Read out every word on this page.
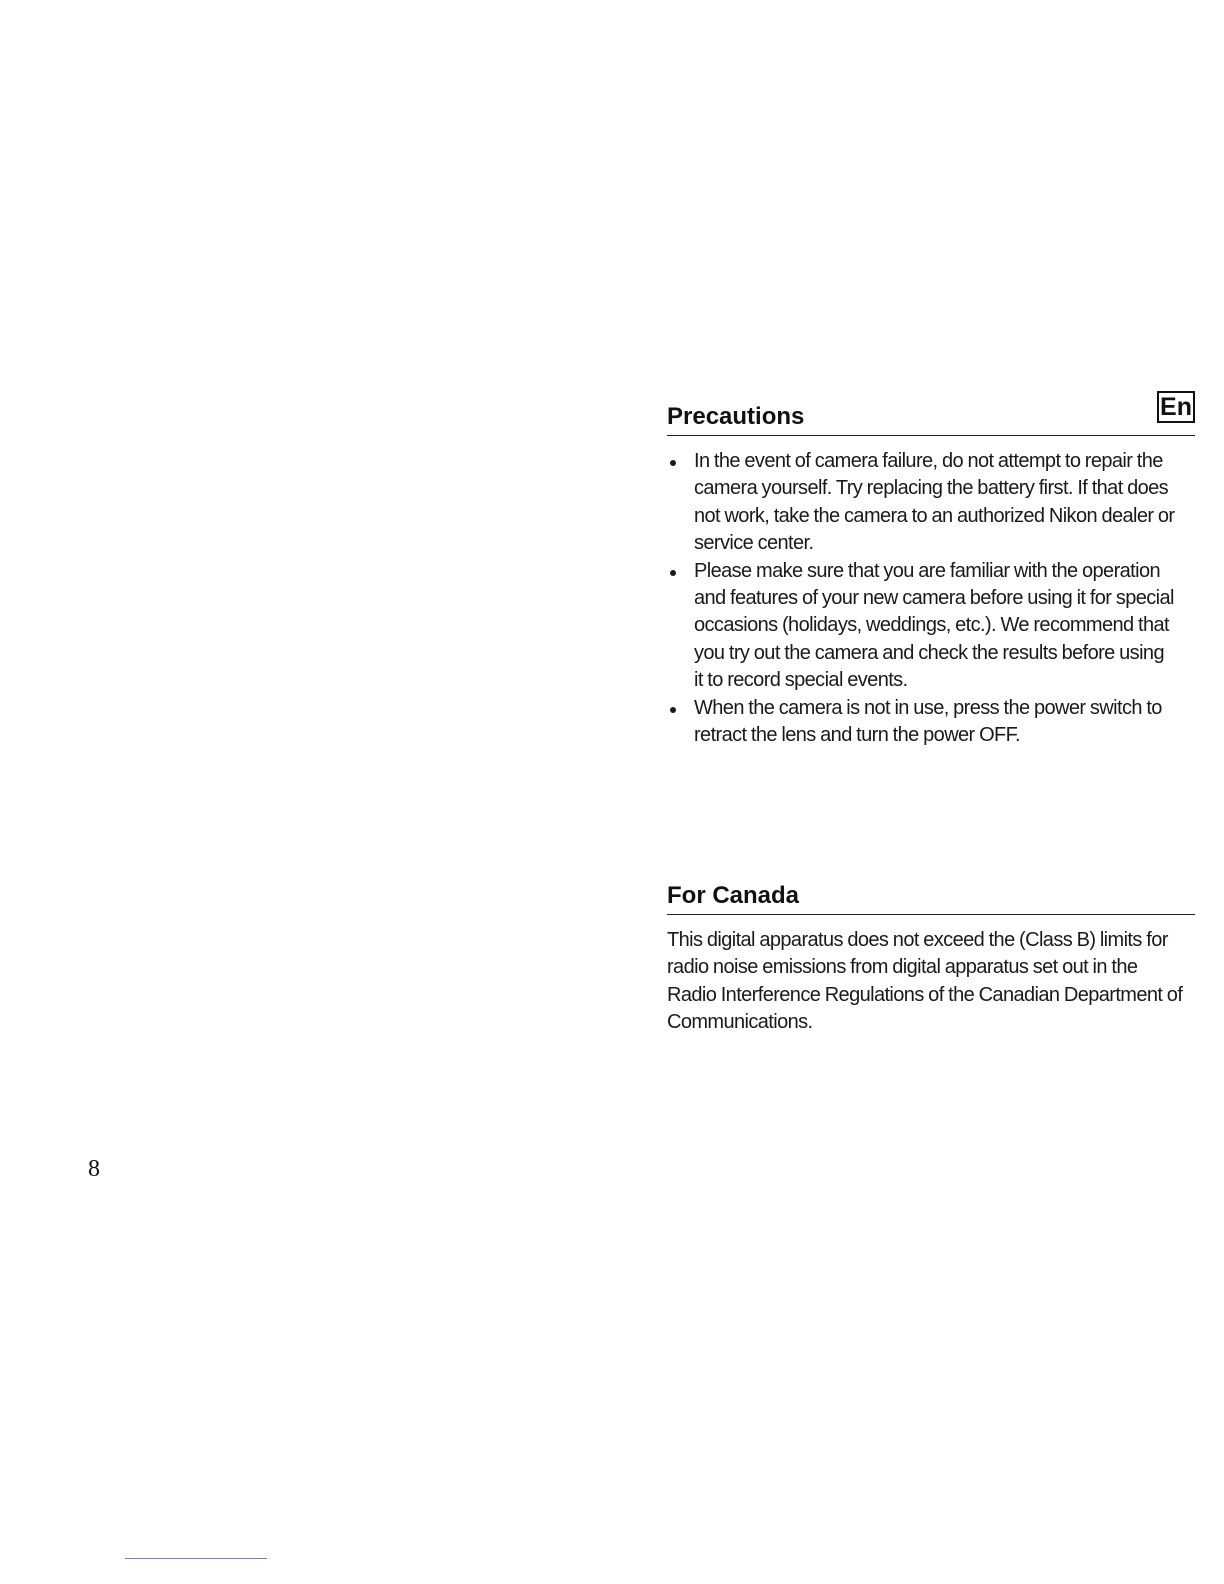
En
Precautions
In the event of camera failure, do not attempt to repair the camera yourself. Try replacing the battery first. If that does not work, take the camera to an authorized Nikon dealer or service center.
Please make sure that you are familiar with the operation and features of your new camera before using it for special occasions (holidays, weddings, etc.). We recommend that you try out the camera and check the results before using it to record special events.
When the camera is not in use, press the power switch to retract the lens and turn the power OFF.
For Canada

This digital apparatus does not exceed the (Class B) limits for radio noise emissions from digital apparatus set out in the Radio Interference Regulations of the Canadian Department of Communications.

8
